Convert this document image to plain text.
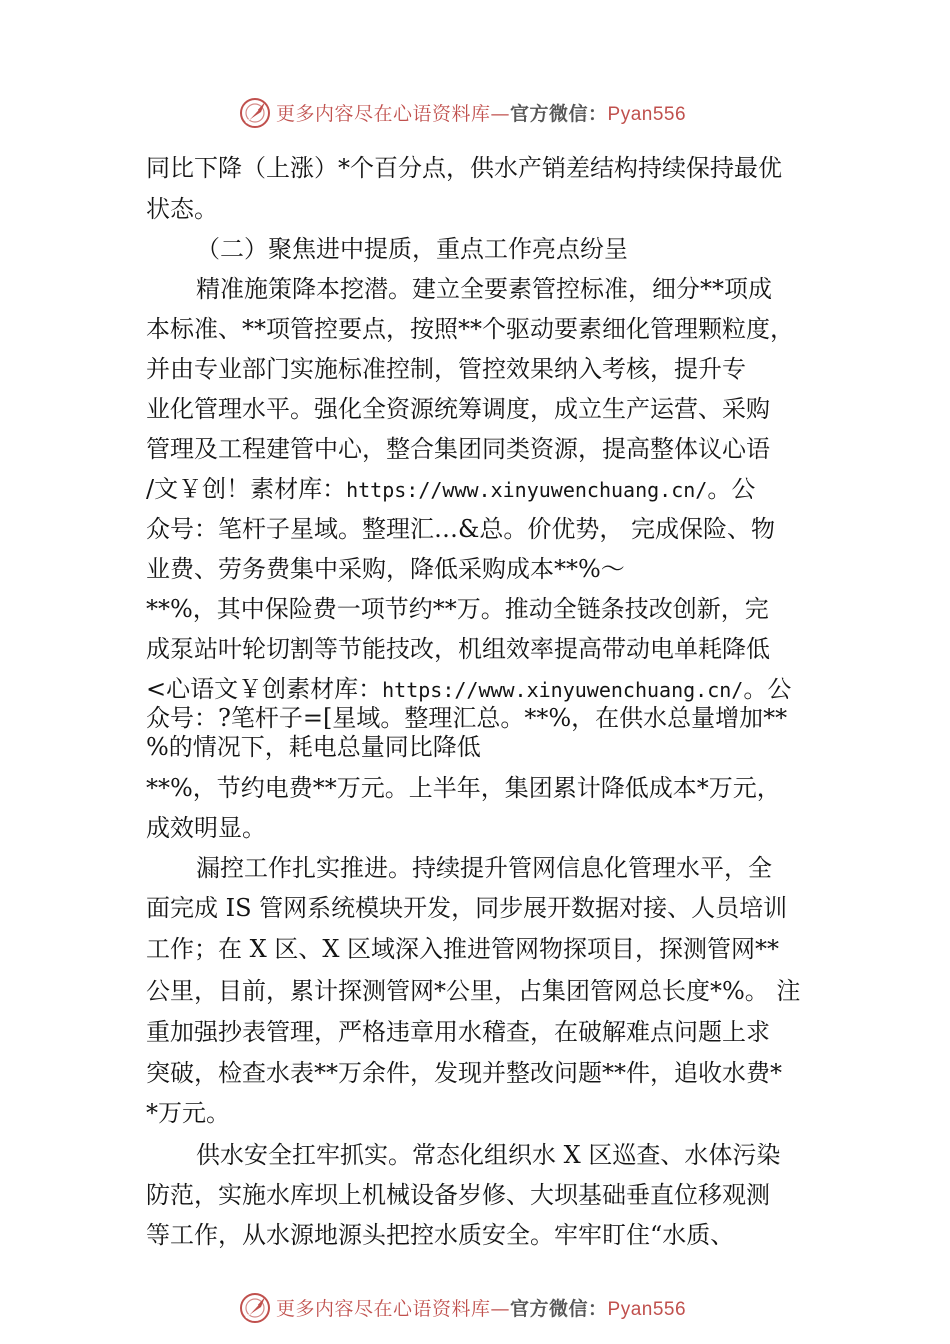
更多内容尽在心语资料库—官方微信：Pyan556
同比下降（上涨）*个百分点，供水产销差结构持续保持最优
状态。
（二）聚焦进中提质，重点工作亮点纷呈
精准施策降本挖潜。建立全要素管控标准，细分**项成
本标准、**项管控要点，按照**个驱动要素细化管理颗粒度，
并由专业部门实施标准控制，管控效果纳入考核，提升专
业化管理水平。强化全资源统筹调度，成立生产运营、采购
管理及工程建管中心，整合集团同类资源，提高整体议心语
/文￥创！素材库：https://www.xinyuwenchuang.cn/。公
众号：笔杆子星域。整理汇…&总。价优势， 完成保险、物
业费、劳务费集中采购，降低采购成本**%～
**%，其中保险费一项节约**万。推动全链条技改创新，完
成泵站叶轮切割等节能技改，机组效率提高带动电单耗降低
<心语文￥创素材库：https://www.xinyuwenchuang.cn/。公
众号：?笔杆子=[星域。整理汇总。**%，在供水总量增加**
%的情况下，耗电总量同比降低
**%，节约电费**万元。上半年，集团累计降低成本*万元，
成效明显。
漏控工作扎实推进。持续提升管网信息化管理水平，全
面完成 IS 管网系统模块开发，同步展开数据对接、人员培训
工作；在 X 区、X 区域深入推进管网物探项目，探测管网**
公里，目前，累计探测管网*公里，占集团管网总长度*%。 注
重加强抄表管理，严格违章用水稽查，在破解难点问题上求
突破，检查水表**万余件，发现并整改问题**件，追收水费*
*万元。
供水安全扛牢抓实。常态化组织水 X 区巡查、水体污染
防范，实施水库坝上机械设备岁修、大坝基础垂直位移观测
等工作，从水源地源头把控水质安全。牢牢盯住“水质、
更多内容尽在心语资料库—官方微信：Pyan556
